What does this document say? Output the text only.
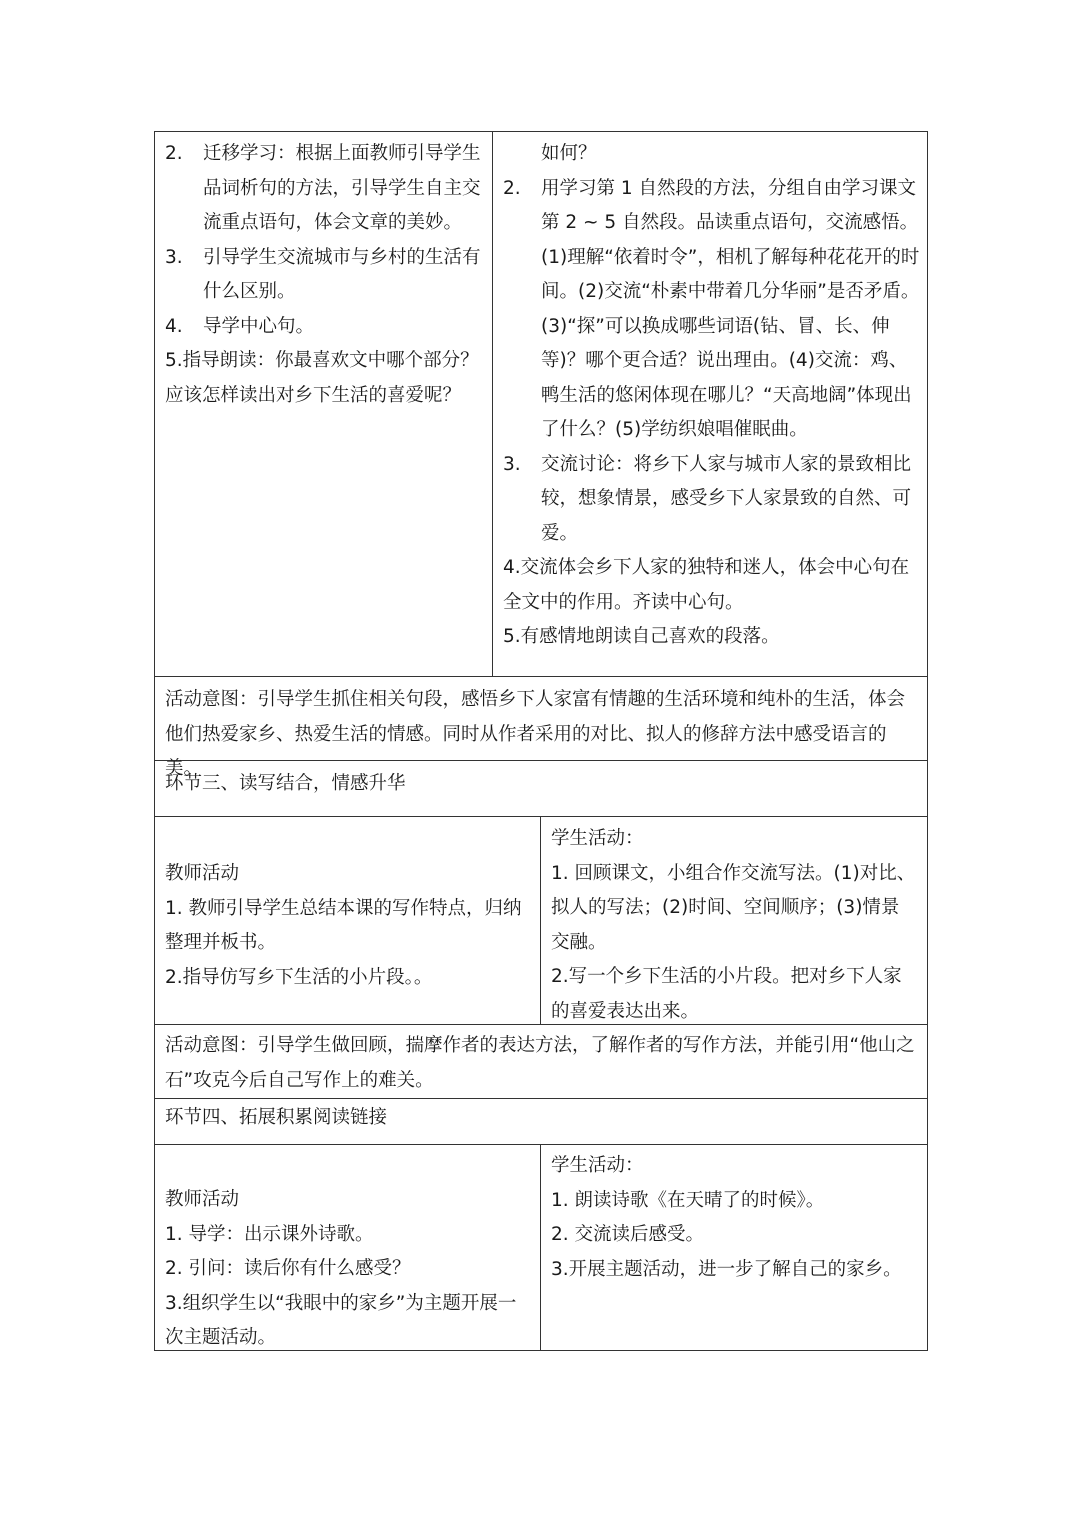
2.	迁移学习：根据上面教师引导学生品词析句的方法，引导学生自主交流重点语句，体会文章的美妙。
3.	引导学生交流城市与乡村的生活有什么区别。
4.	导学中心句。

5.指导朗读：你最喜欢文中哪个部分？应该怎样读出对乡下生活的喜爱呢？

如何？

2.	用学习第 1 自然段的方法，分组自由学习课文第 2 ~ 5 自然段。品读重点语句，交流感悟。(1)理解“依着时令”，相机了解每种花花开的时间。(2)交流“朴素中带着几分华丽”是否矛盾。(3)“探”可以换成哪些词语(钻、冒、长、伸等)？哪个更合适？说出理由。(4)交流：鸡、鸭生活的悠闲体现在哪儿？“天高地阔”体现出了什么？(5)学纺织娘唱催眠曲。
3.	交流讨论：将乡下人家与城市人家的景致相比较，想象情景，感受乡下人家景致的自然、可爱。

4.交流体会乡下人家的独特和迷人，体会中心句在全文中的作用。齐读中心句。

5.有感情地朗读自己喜欢的段落。

活动意图：引导学生抓住相关句段，感悟乡下人家富有情趣的生活环境和纯朴的生活，体会他们热爱家乡、热爱生活的情感。同时从作者采用的对比、拟人的修辞方法中感受语言的美。
环节三、读写结合，情感升华

教师活动

1. 教师引导学生总结本课的写作特点，归纳整理并板书。

2.指导仿写乡下生活的小片段。。

学生活动：

1. 回顾课文，小组合作交流写法。(1)对比、拟人的写法；(2)时间、空间顺序；(3)情景交融。

2.写一个乡下生活的小片段。把对乡下人家的喜爱表达出来。

活动意图：引导学生做回顾，揣摩作者的表达方法，了解作者的写作方法，并能引用“他山之石”攻克今后自己写作上的难关。
环节四、拓展积累阅读链接

教师活动

1. 导学：出示课外诗歌。

2. 引问：读后你有什么感受？

3.组织学生以“我眼中的家乡”为主题开展一次主题活动。

学生活动：

1. 朗读诗歌《在天晴了的时候》。

2. 交流读后感受。

3.开展主题活动，进一步了解自己的家乡。
